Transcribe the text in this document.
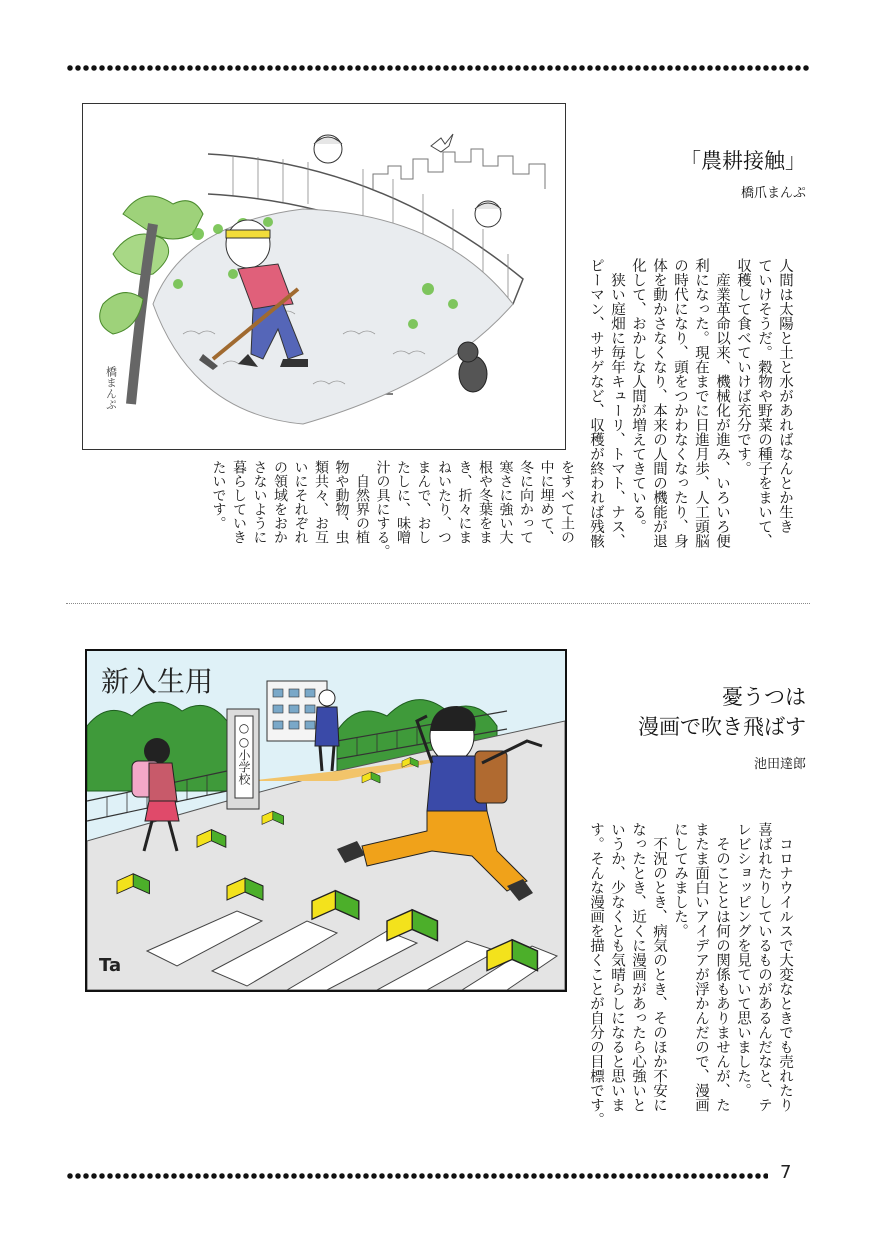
橋まんぷ
「農耕接触」
橋爪まんぷ
人間は太陽と土と水があればなんとか生き
ていけそうだ。穀物や野菜の種子をまいて、
収穫して食べていけば充分です。
　産業革命以来、機械化が進み、いろいろ便
利になった。現在までに日進月歩、人工頭脳
の時代になり、頭をつかわなくなったり、身
体を動かさなくなり、本来の人間の機能が退
化して、おかしな人間が増えてきている。
　狭い庭畑に毎年キューリ、トマト、ナス、
ピーマン、ササゲなど、収穫が終われば残骸
をすべて土の
中に埋めて、
冬に向かって
寒さに強い大
根や冬葉をま
き、折々にま
ねいたり、つ
まんで、おし
たしに、味噌
汁の具にする。
　自然界の植
物や動物、虫
類共々、お互
いにそれぞれ
の領域をおか
さないように
暮らしていき
たいです。
○○小学校
新入生用
Ta
憂うつは
漫画で吹き飛ばす
池田達郎
　コロナウイルスで大変なときでも売れたり
喜ばれたりしているものがあるんだなと、テ
レビショッピングを見ていて思いました。
　そのこととは何の関係もありませんが、た
またま面白いアイデアが浮かんだので、漫画
にしてみました。
　不況のとき、病気のとき、そのほか不安に
なったとき、近くに漫画があったら心強いと
いうか、少なくとも気晴らしになると思いま
す。そんな漫画を描くことが自分の目標です。
7
